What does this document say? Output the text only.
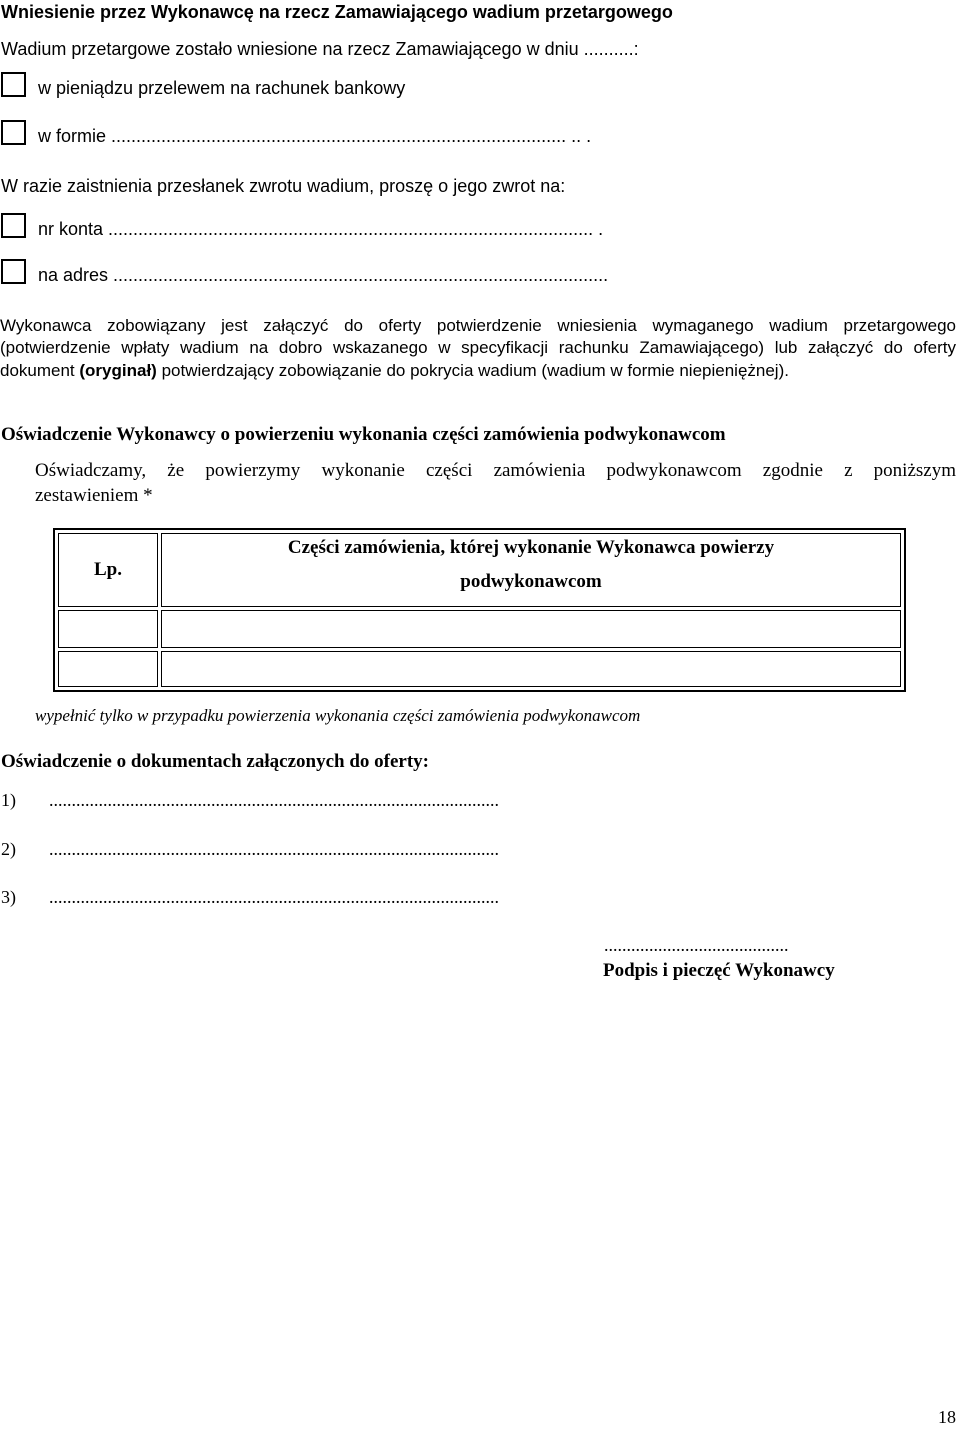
Wniesienie przez Wykonawcę na rzecz Zamawiającego wadium przetargowego
Wadium przetargowe zostało wniesione na rzecz Zamawiającego w dniu ..........:
w pieniądzu przelewem na rachunek bankowy
w formie ........................................................................................... .. .
W razie zaistnienia przesłanek zwrotu wadium, proszę o jego zwrot na:
nr konta ................................................................................................. .
na adres ...................................................................................................
Wykonawca zobowiązany jest załączyć do oferty potwierdzenie wniesienia wymaganego wadium przetargowego
(potwierdzenie wpłaty wadium na dobro wskazanego w specyfikacji rachunku Zamawiającego) lub załączyć do oferty
dokument (oryginał) potwierdzający zobowiązanie do pokrycia wadium (wadium w formie niepieniężnej).
Oświadczenie Wykonawcy o powierzeniu wykonania części zamówienia podwykonawcom
Oświadczamy, że powierzymy wykonanie części zamówienia podwykonawcom zgodnie z poniższym
zestawieniem *
Lp.	Części zamówienia, której wykonanie Wykonawca powierzy
podwykonawcom

wypełnić tylko w przypadku powierzenia wykonania części zamówienia podwykonawcom
Oświadczenie o dokumentach załączonych do oferty:
1) ....................................................................................................
2) ....................................................................................................
3) ....................................................................................................
.........................................
Podpis i pieczęć Wykonawcy
18
